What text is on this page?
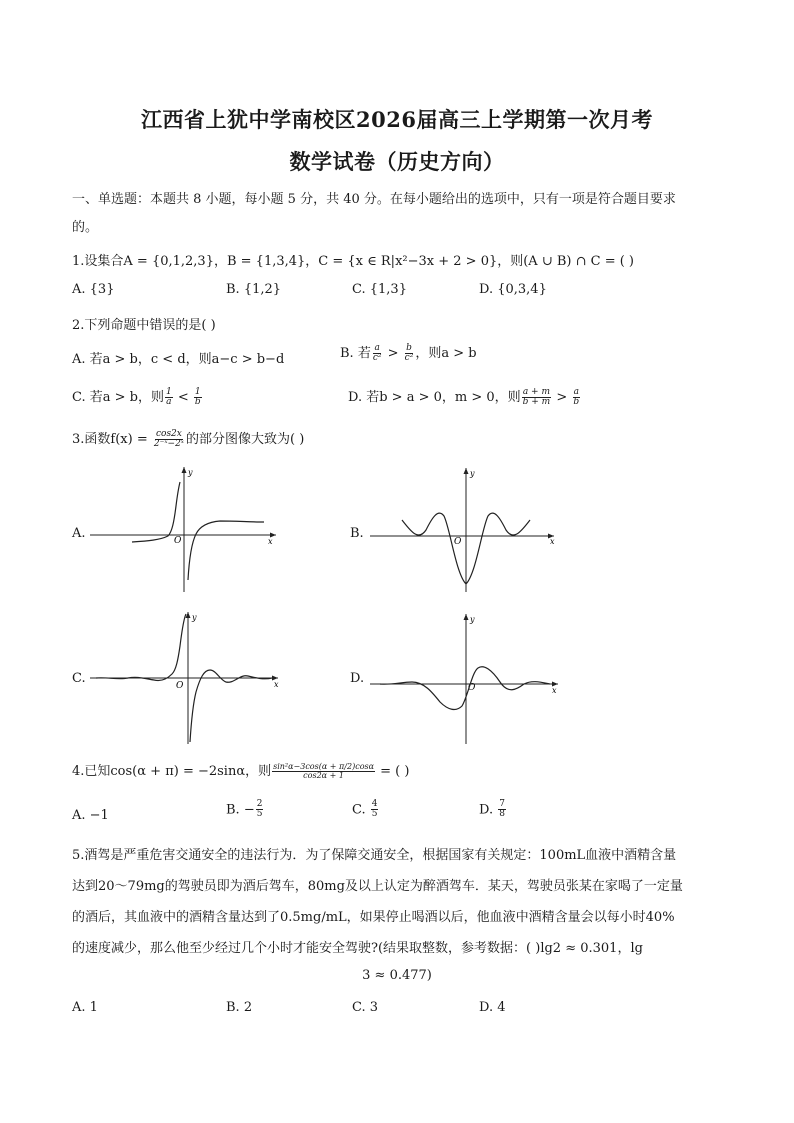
江西省上犹中学南校区2026届高三上学期第一次月考
数学试卷（历史方向）
一、单选题：本题共 8 小题，每小题 5 分，共 40 分。在每小题给出的选项中，只有一项是符合题目要求
的。
1.设集合A = {0,1,2,3}，B = {1,3,4}，C = {x ∈ R|x²−3x + 2 > 0}，则(A ∪ B) ∩ C = ( )
A. {3}	B. {1,2}	C. {1,3}	D. {0,3,4}
2.下列命题中错误的是( )
A. 若a > b，c < d，则a−c > b−d	B. 若 $\frac{a}{\text{c²}} > \frac{b}{\text{c²}}$ ，则a > b
C. 若a > b，则 $\frac{1}{a} < \frac{1}{b}$	D. 若b > a > 0，m > 0，则 $\frac{a + m}{b + m} > \frac{a}{b}$
3.函数$f(x) = \frac{\cos 2x}{\text{2⁻ˣ−2ˣ}}$ 的部分图像大致为( )
A.	B.
C.	D.
y
x
O
y
x
O
y
x
O
y
x
O
4.已知cos(α + π) = −2sinα，则 $\frac{\text{sin²α−3cos(α + π/2)cosα}}{\cos 2\alpha + 1}$ = ( )
A. −1	B. − $\frac{2}{5}$	C. $\frac{4}{5}$	D. $\frac{7}{8}$
5.酒驾是严重危害交通安全的违法行为．为了保障交通安全，根据国家有关规定：100mL血液中酒精含量
达到20～79mg的驾驶员即为酒后驾车，80mg及以上认定为醉酒驾车．某天，驾驶员张某在家喝了一定量
的酒后，其血液中的酒精含量达到了0.5mg/mL，如果停止喝酒以后，他血液中酒精含量会以每小时40%
的速度减少，那么他至少经过几个小时才能安全驾驶?(结果取整数，参考数据：( )lg2 ≈ 0.301，lg
3 ≈ 0.477)
A. 1	B. 2	C. 3	D. 4
